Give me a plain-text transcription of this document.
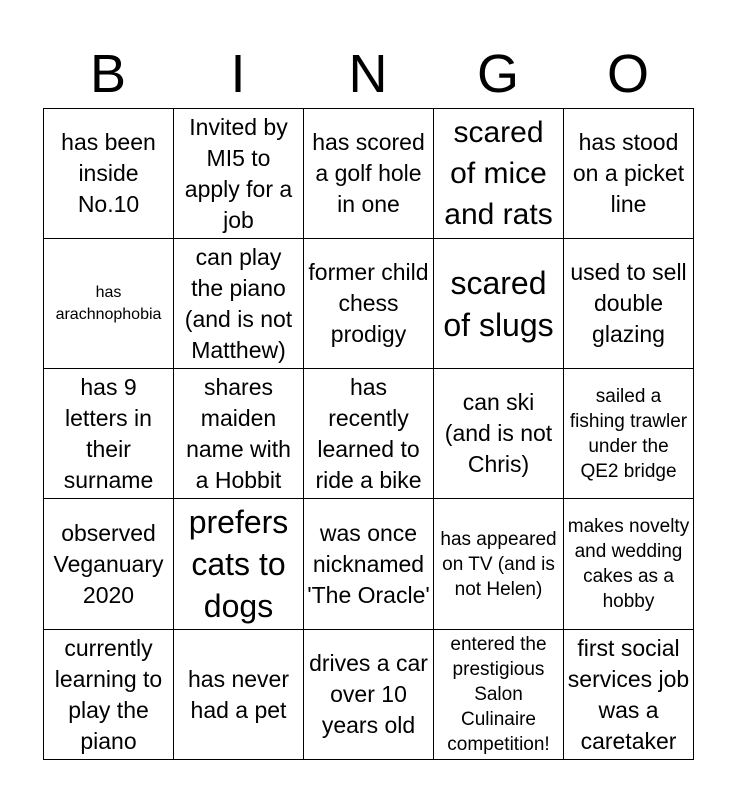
B	I	N	G	O
has been inside No.10	Invited by MI5 to apply for a job	has scored a golf hole in one	scared of mice and rats	has stood on a picket line
has arachnophobia	can play the piano (and is not Matthew)	former child chess prodigy	scared of slugs	used to sell double glazing
has 9 letters in their surname	shares maiden name with a Hobbit	has recently learned to ride a bike	can ski (and is not Chris)	sailed a fishing trawler under the QE2 bridge
observed Veganuary 2020	prefers cats to dogs	was once nicknamed 'The Oracle'	has appeared on TV (and is not Helen)	makes novelty and wedding cakes as a hobby
currently learning to play the piano	has never had a pet	drives a car over 10 years old	entered the prestigious Salon Culinaire competition!	first social services job was a caretaker
